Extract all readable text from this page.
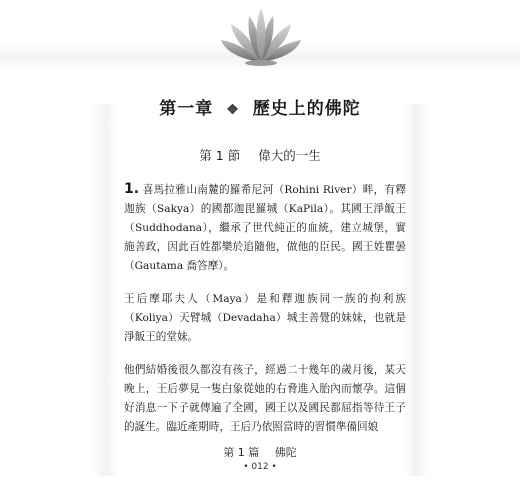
第一章 ❖ 歷史上的佛陀
第 1 節 偉大的一生

1. 喜馬拉雅山南麓的羅希尼河（Rohini River）畔，有釋迦族（Sakya）的國都迦毘羅城（KaPila）。其國王淨飯王（Suddhodana），繼承了世代純正的血統，建立城堡，實施善政，因此百姓都樂於追隨他，做他的臣民。國王姓瞿曇（Gautama 喬答摩）。

王后摩耶夫人（Maya）是和釋迦族同一族的拘利族（Koliya）天臂城（Devadaha）城主善覺的妹妹，也就是淨飯王的堂妹。

他們結婚後很久都沒有孩子，經過二十幾年的歲月後，某天晚上，王后夢見一隻白象從她的右脅進入胎內而懷孕。這個好消息一下子就傳遍了全國，國王以及國民都屈指等待王子的誕生。臨近產期時，王后乃依照當時的習慣準備回娘

第 1 篇 佛陀
• 012 •
